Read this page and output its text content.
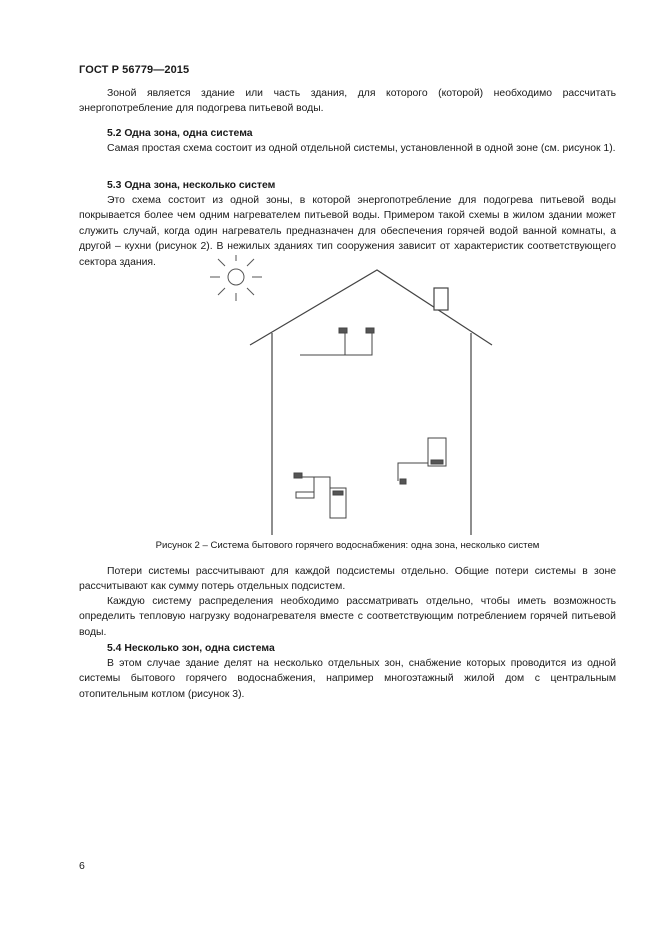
ГОСТ Р 56779—2015
Зоной является здание или часть здания, для которого (которой) необходимо рассчитать энергопотребление для подогрева питьевой воды.
5.2 Одна зона, одна система
Самая простая схема состоит из одной отдельной системы, установленной в одной зоне (см. рисунок 1).
5.3 Одна зона, несколько систем
Это схема состоит из одной зоны, в которой энергопотребление для подогрева питьевой воды покрывается более чем одним нагревателем питьевой воды. Примером такой схемы в жилом здании может служить случай, когда один нагреватель предназначен для обеспечения горячей водой ванной комнаты, а другой – кухни (рисунок 2). В нежилых зданиях тип сооружения зависит от характеристик соответствующего сектора здания.
Рисунок 2 – Система бытового горячего водоснабжения: одна зона, несколько систем
Потери системы рассчитывают для каждой подсистемы отдельно. Общие потери системы в зоне рассчитывают как сумму потерь отдельных подсистем.
Каждую систему распределения необходимо рассматривать отдельно, чтобы иметь возможность определить тепловую нагрузку водонагревателя вместе с соответствующим потреблением горячей питьевой воды.
5.4 Несколько зон, одна система
В этом случае здание делят на несколько отдельных зон, снабжение которых проводится из одной системы бытового горячего водоснабжения, например многоэтажный жилой дом с центральным отопительным котлом (рисунок 3).
6
